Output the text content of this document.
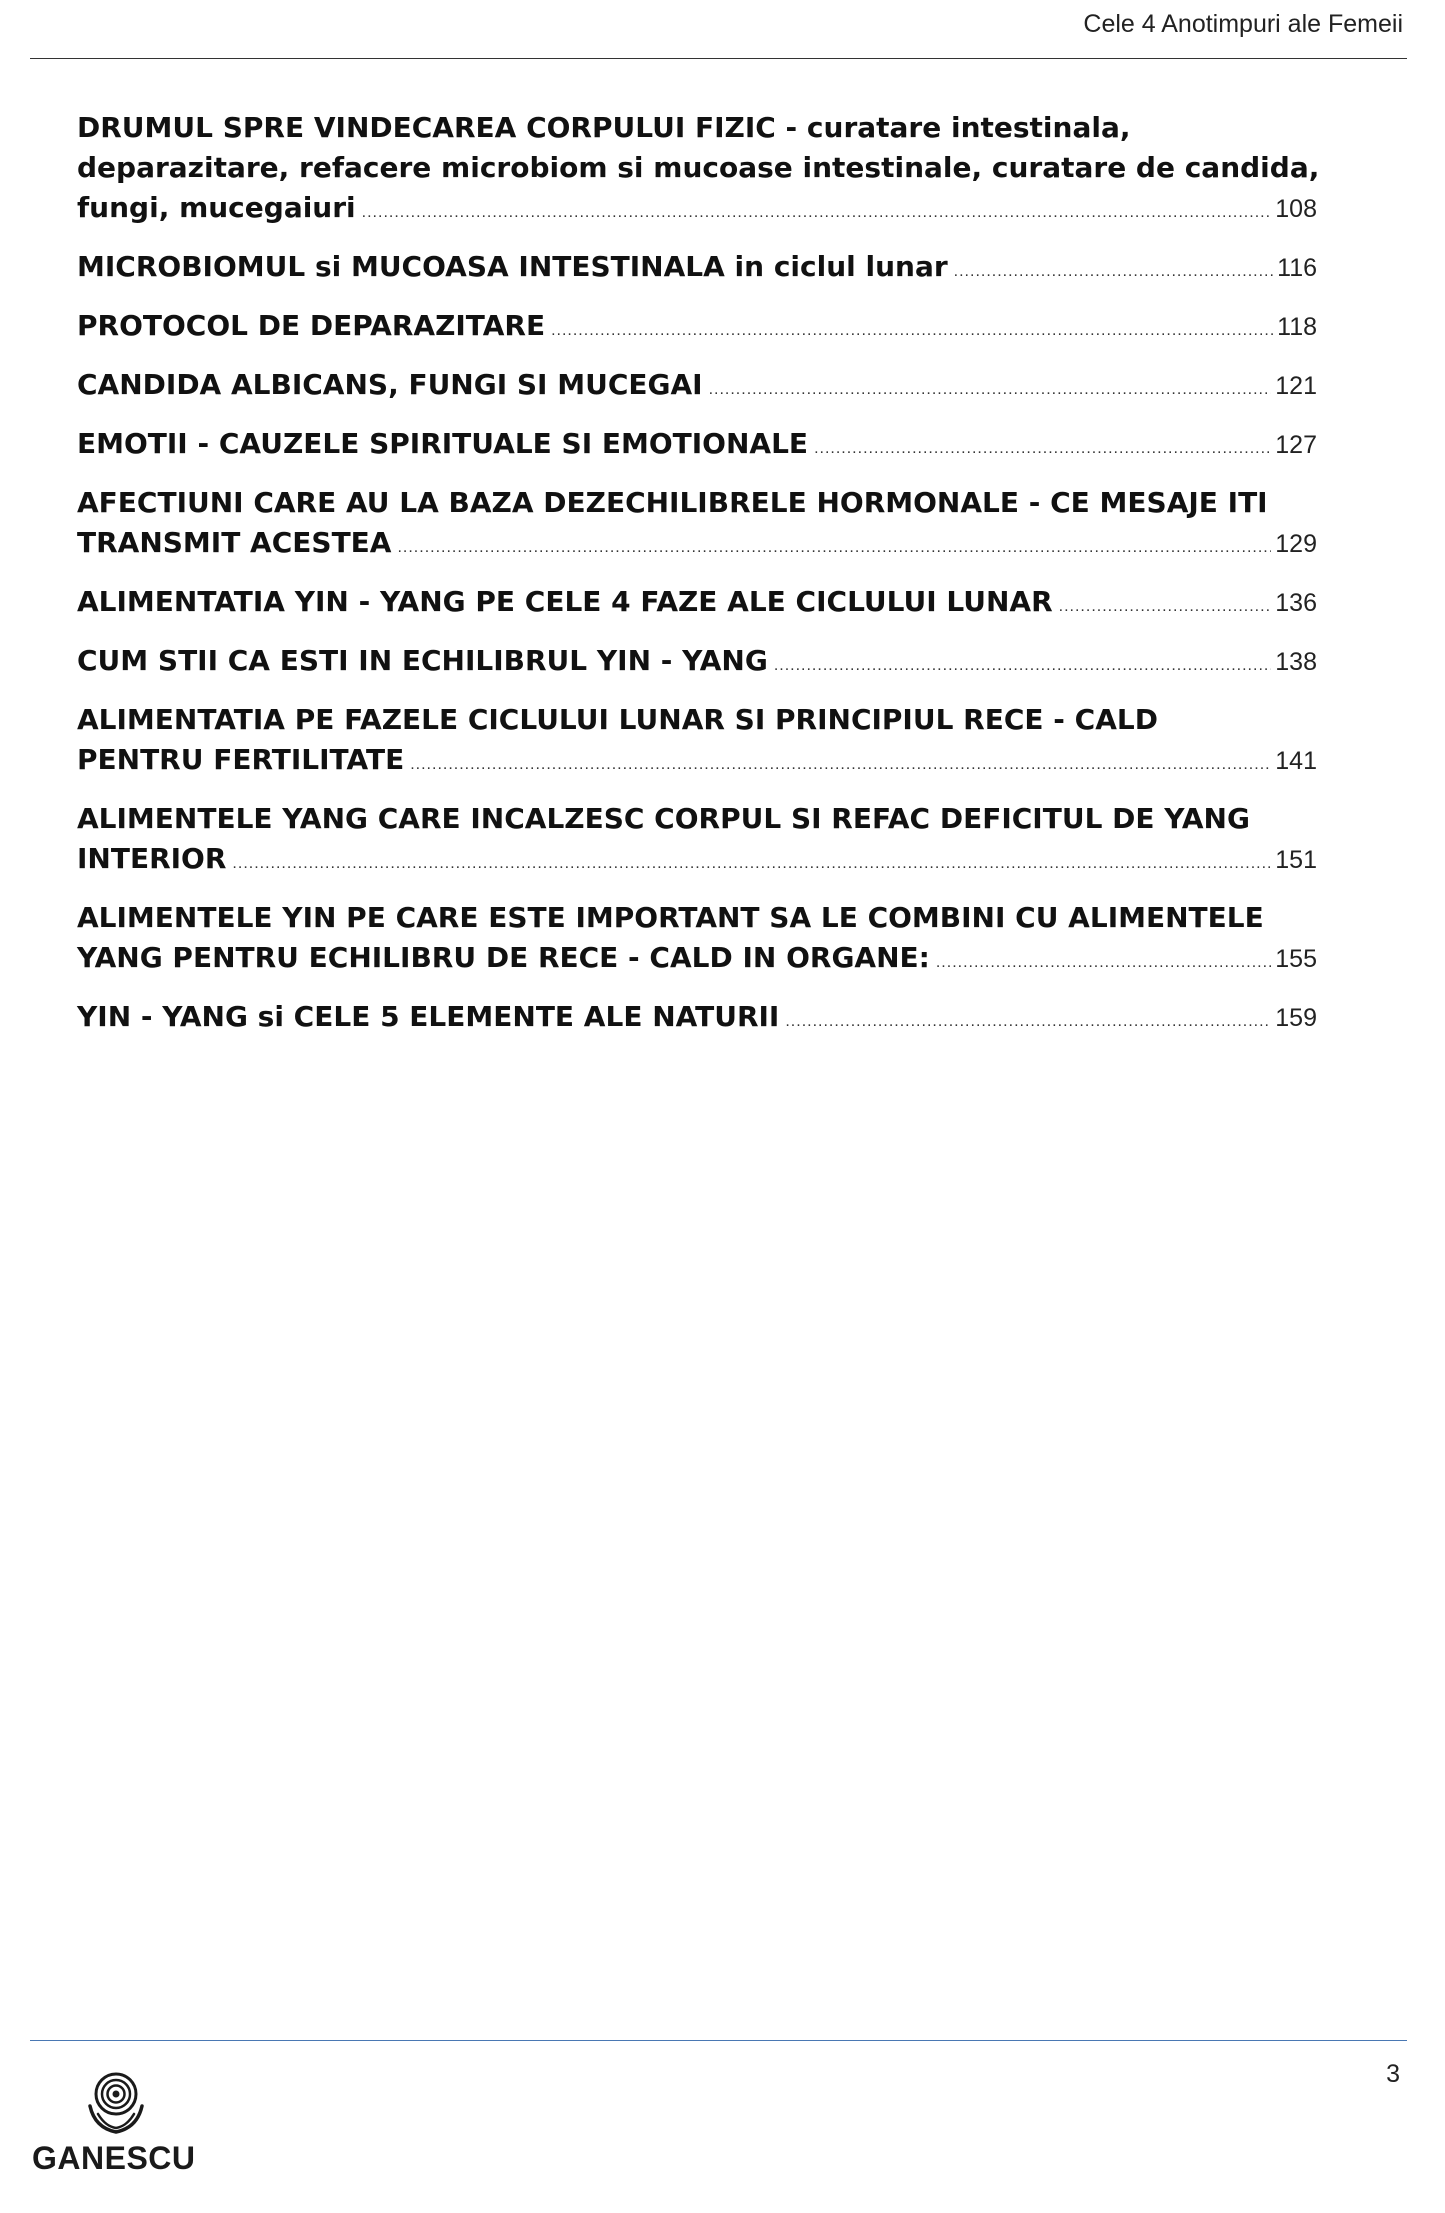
Cele 4 Anotimpuri ale Femeii
DRUMUL SPRE VINDECAREA CORPULUI FIZIC - curatare intestinala,
deparazitare, refacere microbiom si mucoase intestinale, curatare de candida,
fungi, mucegaiuri .....	108
MICROBIOMUL si MUCOASA INTESTINALA in ciclul lunar .....	116
PROTOCOL DE DEPARAZITARE .....	118
CANDIDA ALBICANS, FUNGI SI MUCEGAI .....	121
EMOTII - CAUZELE SPIRITUALE SI EMOTIONALE .....	127
AFECTIUNI CARE AU LA BAZA DEZECHILIBRELE HORMONALE - CE MESAJE ITI
TRANSMIT ACESTEA .....	129
ALIMENTATIA YIN - YANG PE CELE 4 FAZE ALE CICLULUI LUNAR .....	136
CUM STII CA ESTI IN ECHILIBRUL YIN - YANG .....	138
ALIMENTATIA PE FAZELE CICLULUI LUNAR SI PRINCIPIUL RECE - CALD
PENTRU FERTILITATE .....	141
ALIMENTELE YANG CARE INCALZESC CORPUL SI REFAC DEFICITUL DE YANG
INTERIOR .....	151
ALIMENTELE YIN PE CARE ESTE IMPORTANT SA LE COMBINI CU ALIMENTELE
YANG PENTRU ECHILIBRU DE RECE - CALD IN ORGANE: .....	155
YIN - YANG si CELE 5 ELEMENTE ALE NATURII .....	159
3
GANESCU
